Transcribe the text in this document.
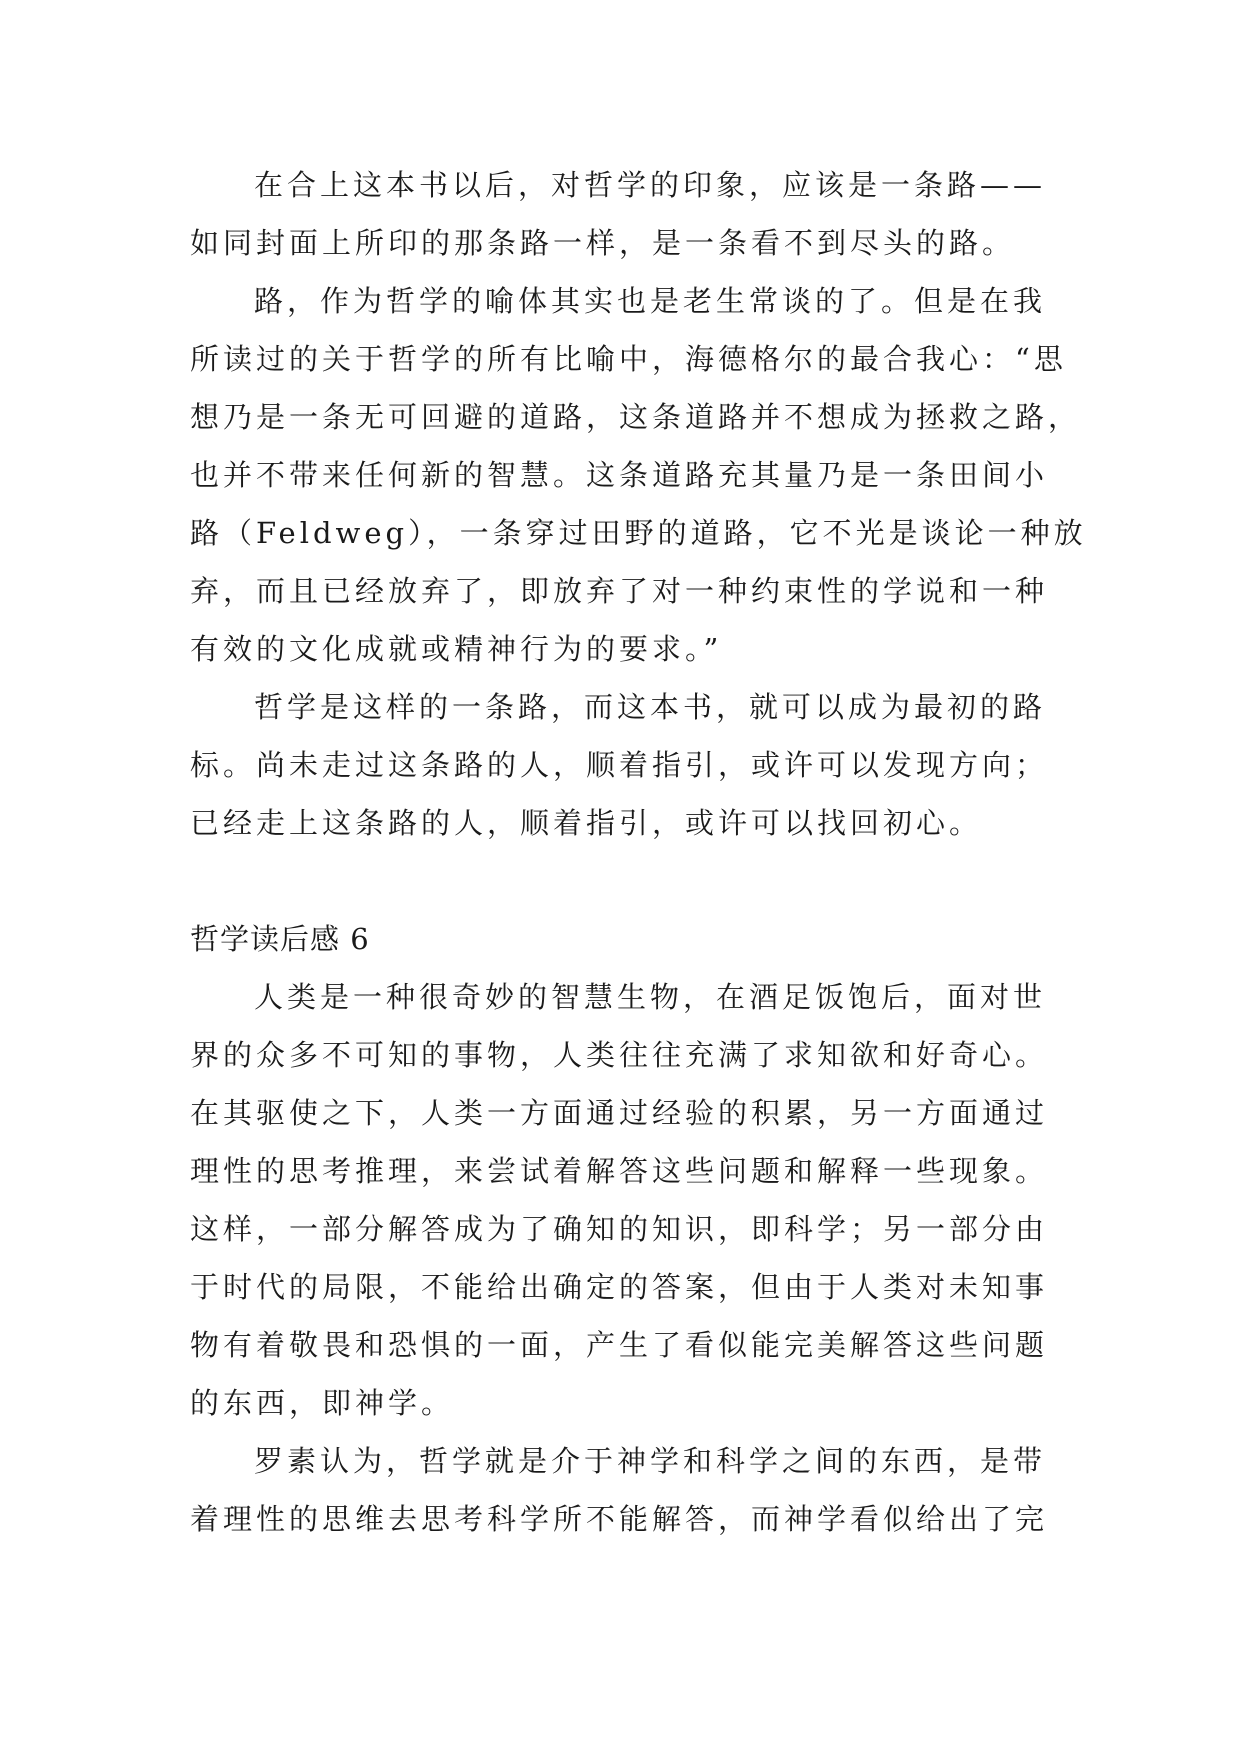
在合上这本书以后，对哲学的印象，应该是一条路——
如同封面上所印的那条路一样，是一条看不到尽头的路。
路，作为哲学的喻体其实也是老生常谈的了。但是在我
所读过的关于哲学的所有比喻中，海德格尔的最合我心：“思
想乃是一条无可回避的道路，这条道路并不想成为拯救之路，
也并不带来任何新的智慧。这条道路充其量乃是一条田间小
路（Feldweg），一条穿过田野的道路，它不光是谈论一种放
弃，而且已经放弃了，即放弃了对一种约束性的学说和一种
有效的文化成就或精神行为的要求。”
哲学是这样的一条路，而这本书，就可以成为最初的路
标。尚未走过这条路的人，顺着指引，或许可以发现方向；
已经走上这条路的人，顺着指引，或许可以找回初心。
哲学读后感 6
人类是一种很奇妙的智慧生物，在酒足饭饱后，面对世
界的众多不可知的事物，人类往往充满了求知欲和好奇心。
在其驱使之下，人类一方面通过经验的积累，另一方面通过
理性的思考推理，来尝试着解答这些问题和解释一些现象。
这样，一部分解答成为了确知的知识，即科学；另一部分由
于时代的局限，不能给出确定的答案，但由于人类对未知事
物有着敬畏和恐惧的一面，产生了看似能完美解答这些问题
的东西，即神学。
罗素认为，哲学就是介于神学和科学之间的东西，是带
着理性的思维去思考科学所不能解答，而神学看似给出了完
